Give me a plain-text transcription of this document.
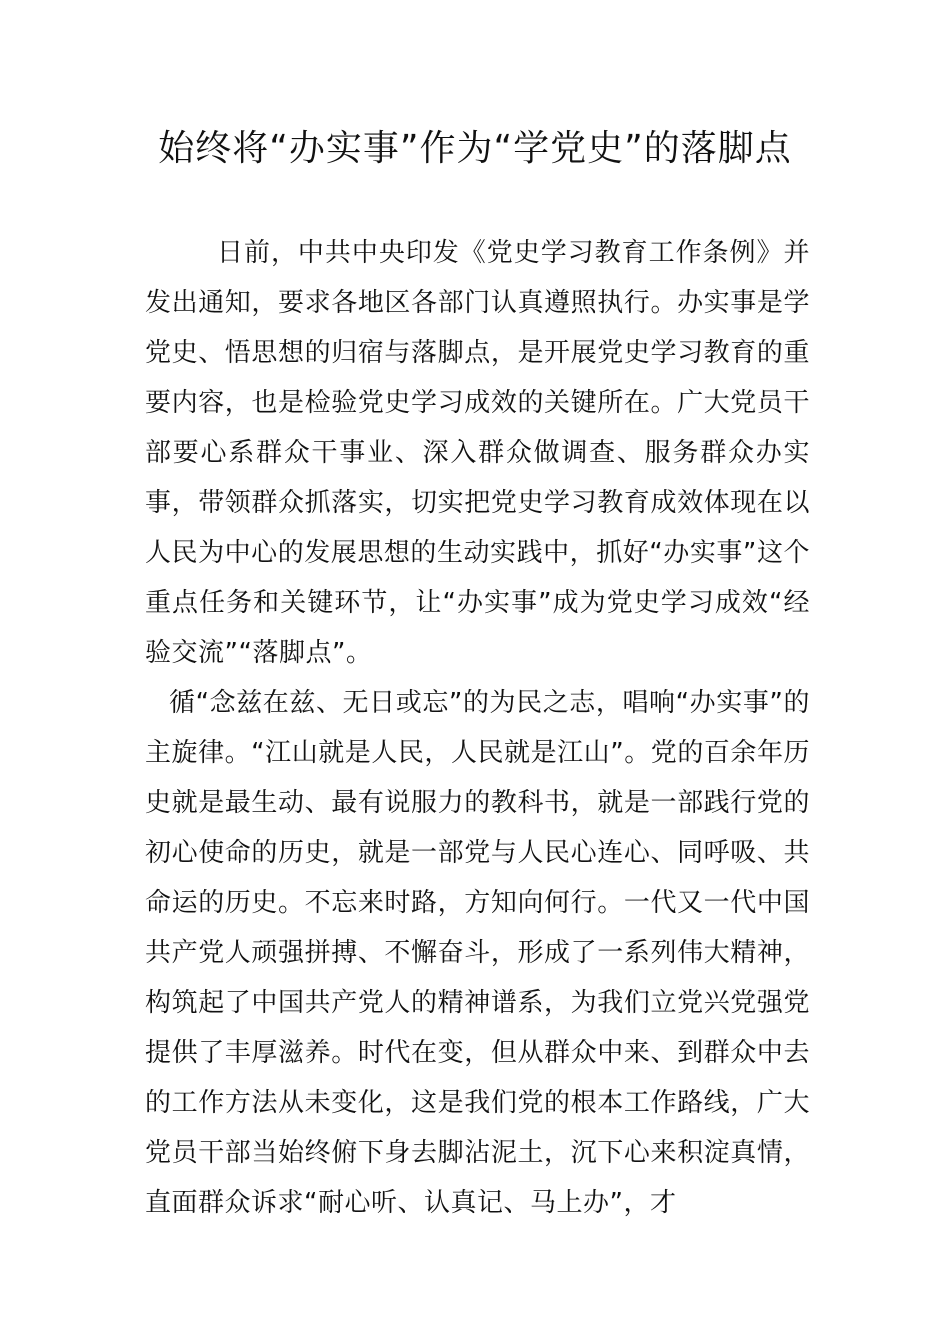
始终将“办实事”作为“学党史”的落脚点

日前，中共中央印发《党史学习教育工作条例》并发出通知，要求各地区各部门认真遵照执行。办实事是学党史、悟思想的归宿与落脚点，是开展党史学习教育的重要内容，也是检验党史学习成效的关键所在。广大党员干部要心系群众干事业、深入群众做调查、服务群众办实事，带领群众抓落实，切实把党史学习教育成效体现在以人民为中心的发展思想的生动实践中，抓好“办实事”这个重点任务和关键环节，让“办实事”成为党史学习成效“经验交流”“落脚点”。

循“念兹在兹、无日或忘”的为民之志，唱响“办实事”的主旋律。“江山就是人民，人民就是江山”。党的百余年历史就是最生动、最有说服力的教科书，就是一部践行党的初心使命的历史，就是一部党与人民心连心、同呼吸、共命运的历史。不忘来时路，方知向何行。一代又一代中国共产党人顽强拼搏、不懈奋斗，形成了一系列伟大精神，构筑起了中国共产党人的精神谱系，为我们立党兴党强党提供了丰厚滋养。时代在变，但从群众中来、到群众中去的工作方法从未变化，这是我们党的根本工作路线，广大党员干部当始终俯下身去脚沾泥土，沉下心来积淀真情，直面群众诉求“耐心听、认真记、马上办”，才
